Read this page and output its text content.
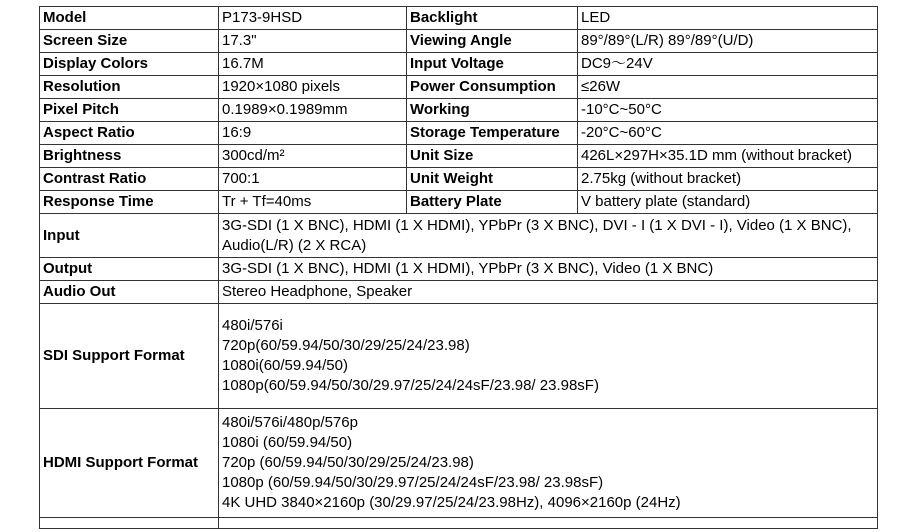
Model	P173-9HSD	Backlight	LED
Screen Size	17.3"	Viewing Angle	89°/89°(L/R) 89°/89°(U/D)
Display Colors	16.7M	Input Voltage	DC9～24V
Resolution	1920×1080 pixels	Power Consumption	≤26W
Pixel Pitch	0.1989×0.1989mm	Working	-10°C~50°C
Aspect Ratio	16:9	Storage Temperature	-20°C~60°C
Brightness	300cd/m²	Unit Size	426L×297H×35.1D mm (without bracket)
Contrast Ratio	700:1	Unit Weight	2.75kg (without bracket)
Response Time	Tr + Tf=40ms	Battery Plate	V battery plate (standard)
Input	3G-SDI (1 X BNC), HDMI (1 X HDMI), YPbPr (3 X BNC), DVI - I (1 X DVI - I), Video (1 X BNC), Audio(L/R) (2 X RCA)		
Output	3G-SDI (1 X BNC), HDMI (1 X HDMI), YPbPr (3 X BNC), Video (1 X BNC)		
Audio Out	Stereo Headphone, Speaker		
SDI Support Format	480i/576i
720p(60/59.94/50/30/29/25/24/23.98)
1080i(60/59.94/50)
1080p(60/59.94/50/30/29.97/25/24/24sF/23.98/ 23.98sF)		

HDMI Support Format	480i/576i/480p/576p
1080i (60/59.94/50)
720p (60/59.94/50/30/29/25/24/23.98)
1080p (60/59.94/50/30/29.97/25/24/24sF/23.98/ 23.98sF)
4K UHD 3840×2160p (30/29.97/25/24/23.98Hz), 4096×2160p (24Hz)		
